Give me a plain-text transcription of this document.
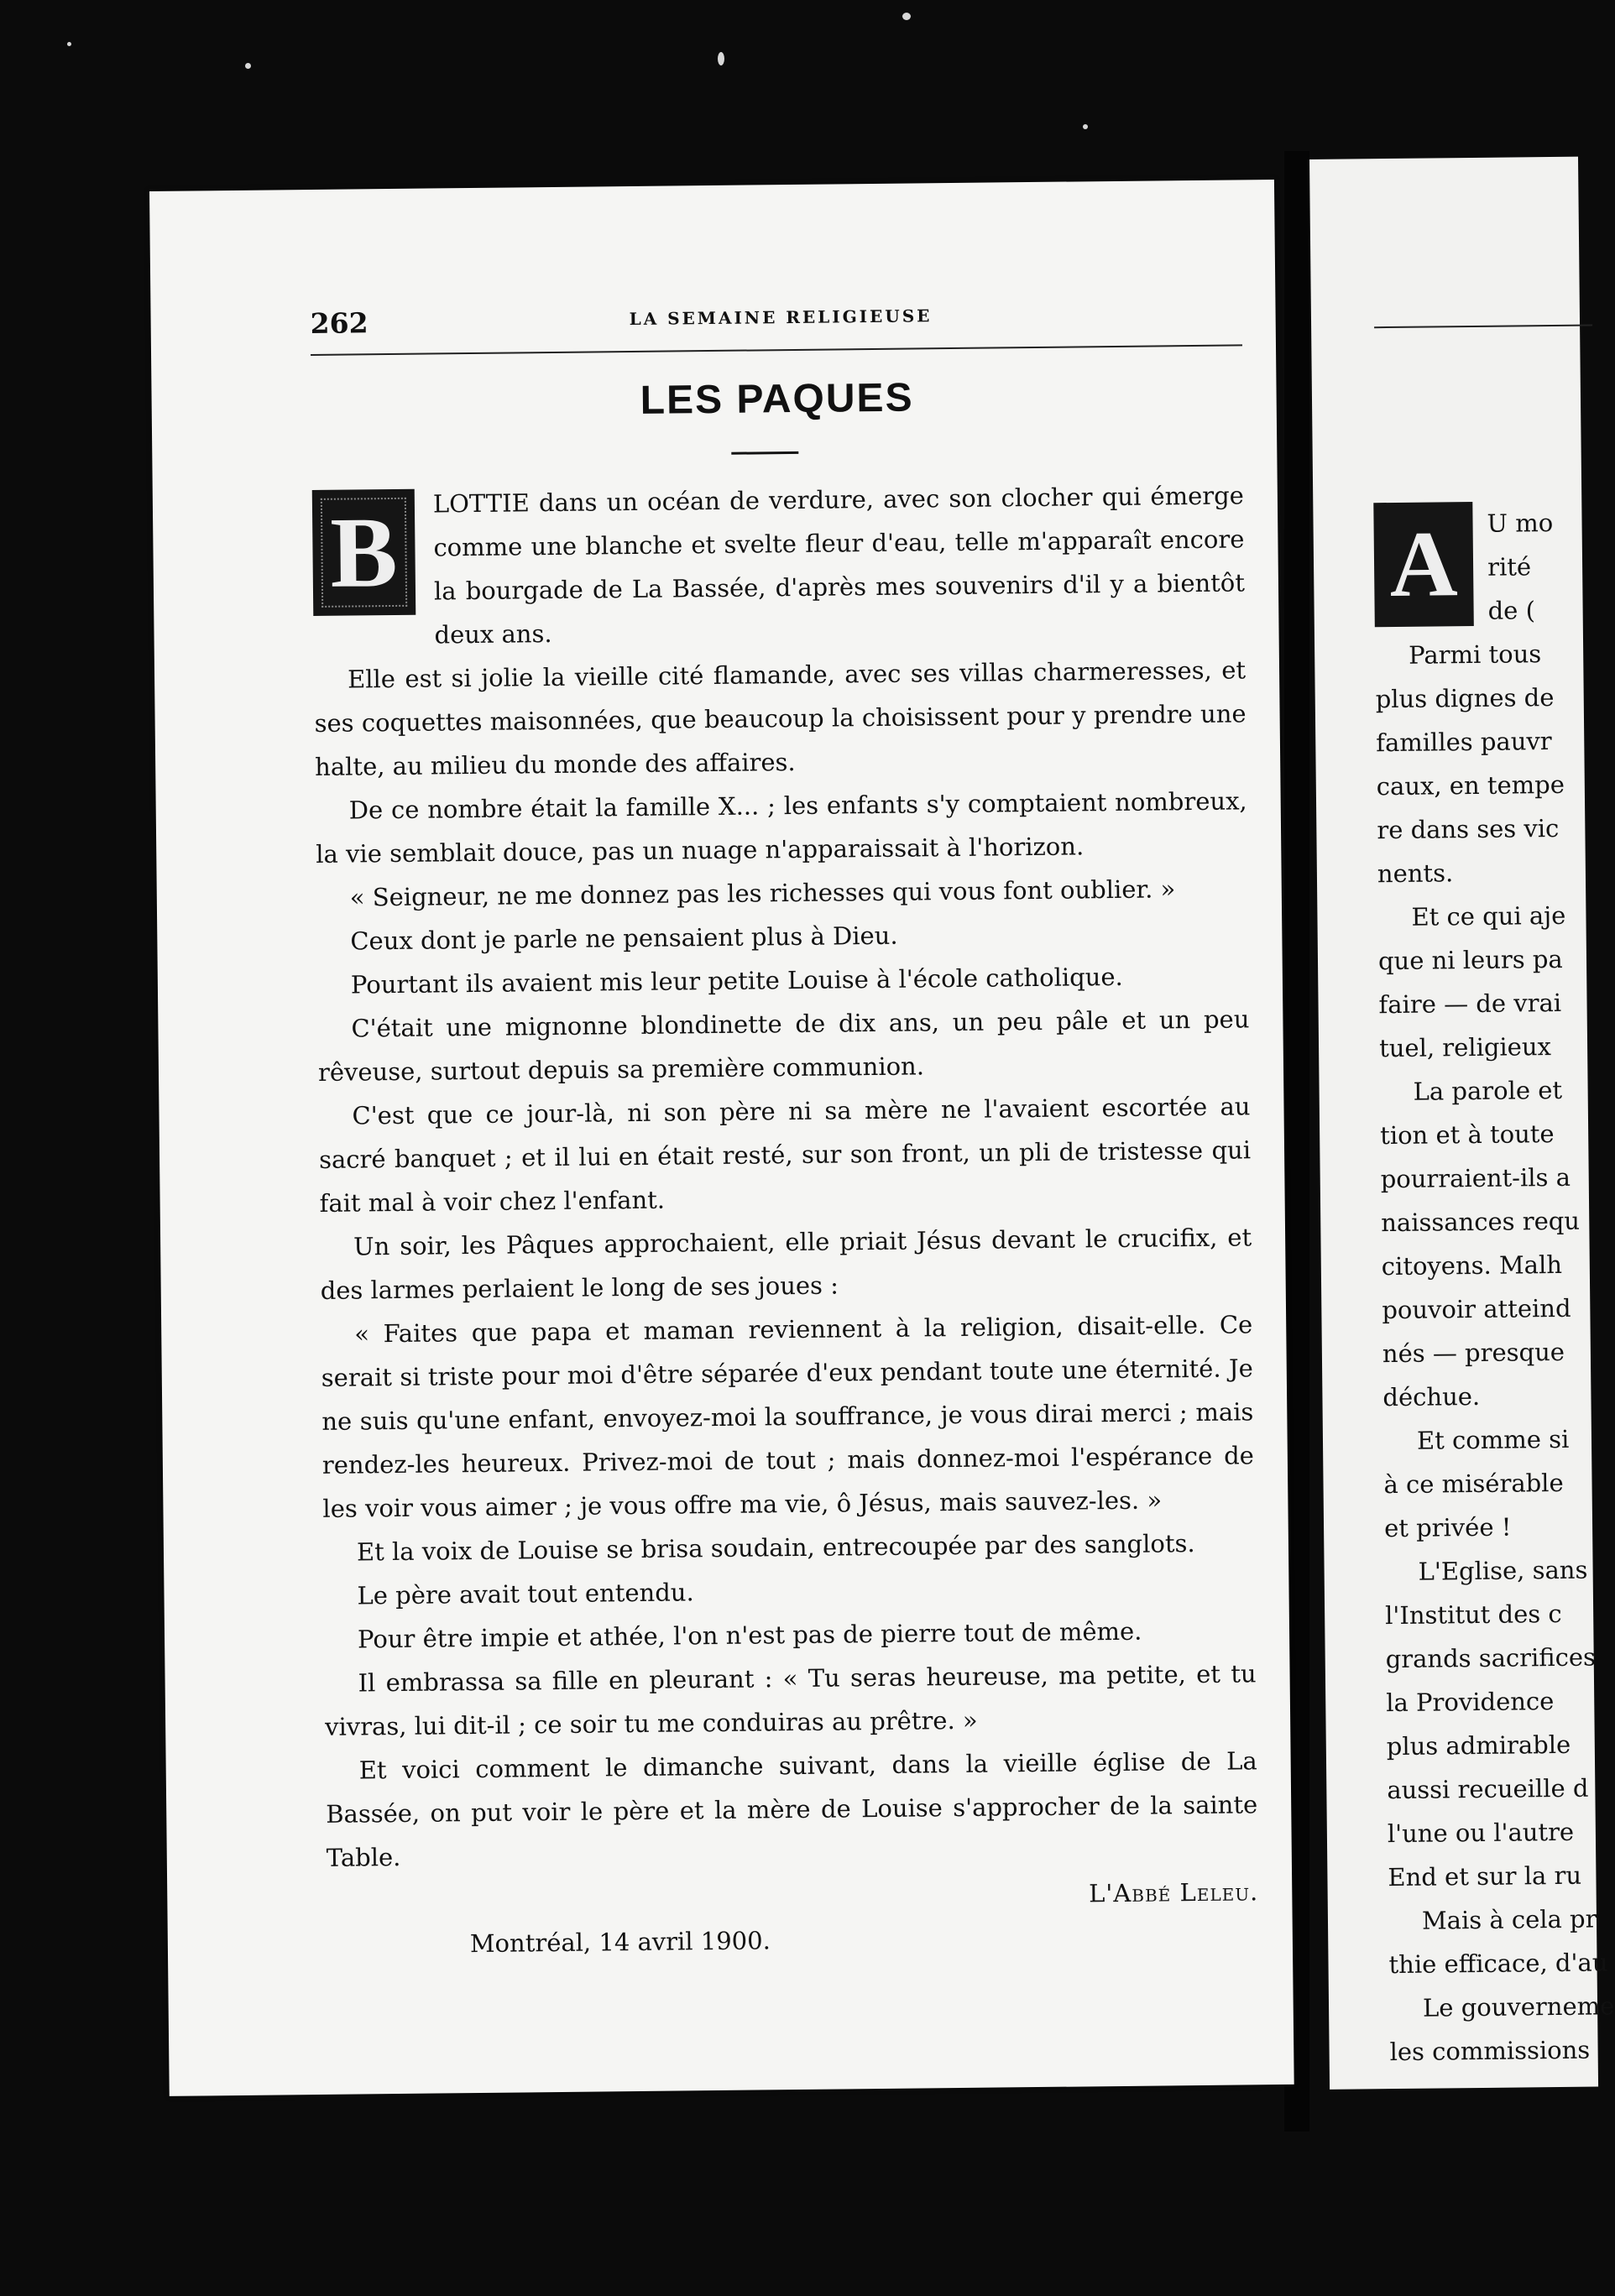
262	LA SEMAINE RELIGIEUSE
LES PAQUES
B	LOTTIE dans un océan de verdure, avec son clocher qui émerge comme une blanche et svelte fleur d'eau, telle m'apparaît encore la bourgade de La Bassée, d'après mes souvenirs d'il y a bientôt deux ans.

Elle est si jolie la vieille cité flamande, avec ses villas charmeresses, et ses coquettes maisonnées, que beaucoup la choisissent pour y prendre une halte, au milieu du monde des affaires.

De ce nombre était la famille X... ; les enfants s'y comptaient nombreux, la vie semblait douce, pas un nuage n'apparaissait à l'horizon.

« Seigneur, ne me donnez pas les richesses qui vous font oublier. »

Ceux dont je parle ne pensaient plus à Dieu.

Pourtant ils avaient mis leur petite Louise à l'école catholique.

C'était une mignonne blondinette de dix ans, un peu pâle et un peu rêveuse, surtout depuis sa première communion.

C'est que ce jour-là, ni son père ni sa mère ne l'avaient escortée au sacré banquet ; et il lui en était resté, sur son front, un pli de tristesse qui fait mal à voir chez l'enfant.

Un soir, les Pâques approchaient, elle priait Jésus devant le crucifix, et des larmes perlaient le long de ses joues :

« Faites que papa et maman reviennent à la religion, disait-elle. Ce serait si triste pour moi d'être séparée d'eux pendant toute une éternité. Je ne suis qu'une enfant, envoyez-moi la souffrance, je vous dirai merci ; mais rendez-les heureux. Privez-moi de tout ; mais donnez-moi l'espérance de les voir vous aimer ; je vous offre ma vie, ô Jésus, mais sauvez-les. »

Et la voix de Louise se brisa soudain, entrecoupée par des sanglots.

Le père avait tout entendu.

Pour être impie et athée, l'on n'est pas de pierre tout de même.

Il embrassa sa fille en pleurant : « Tu seras heureuse, ma petite, et tu vivras, lui dit-il ; ce soir tu me conduiras au prêtre. »

Et voici comment le dimanche suivant, dans la vieille église de La Bassée, on put voir le père et la mère de Louise s'approcher de la sainte Table.

L'Abbé Leleu.

Montréal, 14 avril 1900.

A	U mo
rité
de (
Parmi tous
plus dignes de
familles pauvr
caux, en tempe
re dans ses vic
nents.
Et ce qui aje
que ni leurs pa
faire — de vrai
tuel, religieux
La parole et
tion et à toute
pourraient-ils a
naissances requ
citoyens. Malh
pouvoir atteind
nés — presque
déchue.
Et comme si
à ce misérable
et privée !
L'Eglise, sans
l'Institut des c
grands sacrifices
la Providence
plus admirable
aussi recueille d
l'une ou l'autre
End et sur la ru
Mais à cela pr
thie efficace, d'au
Le gouverneme
les commissions
